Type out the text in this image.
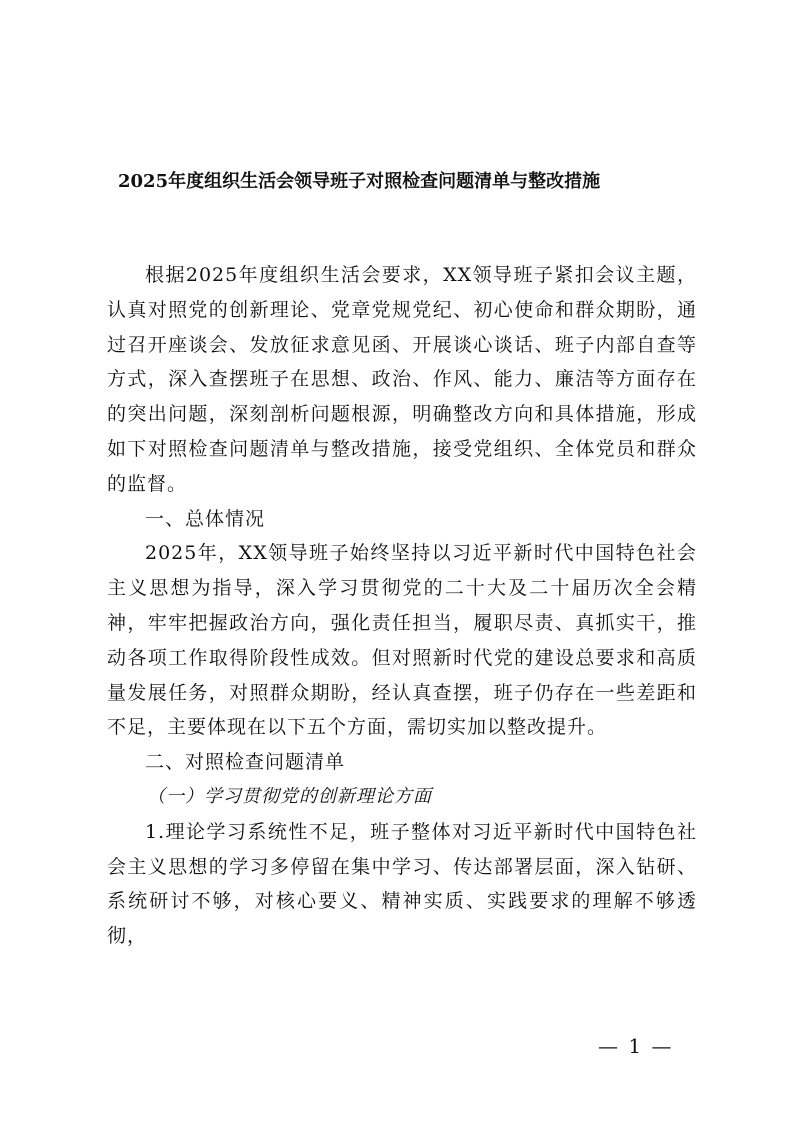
2025年度组织生活会领导班子对照检查问题清单与整改措施

根据2025年度组织生活会要求，XX领导班子紧扣会议主题，认真对照党的创新理论、党章党规党纪、初心使命和群众期盼，通过召开座谈会、发放征求意见函、开展谈心谈话、班子内部自查等方式，深入查摆班子在思想、政治、作风、能力、廉洁等方面存在的突出问题，深刻剖析问题根源，明确整改方向和具体措施，形成如下对照检查问题清单与整改措施，接受党组织、全体党员和群众的监督。

一、总体情况

2025年，XX领导班子始终坚持以习近平新时代中国特色社会主义思想为指导，深入学习贯彻党的二十大及二十届历次全会精神，牢牢把握政治方向，强化责任担当，履职尽责、真抓实干，推动各项工作取得阶段性成效。但对照新时代党的建设总要求和高质量发展任务，对照群众期盼，经认真查摆，班子仍存在一些差距和不足，主要体现在以下五个方面，需切实加以整改提升。

二、对照检查问题清单
（一）学习贯彻党的创新理论方面

1.理论学习系统性不足，班子整体对习近平新时代中国特色社会主义思想的学习多停留在集中学习、传达部署层面，深入钻研、系统研讨不够，对核心要义、精神实质、实践要求的理解不够透彻，

— 1 —
